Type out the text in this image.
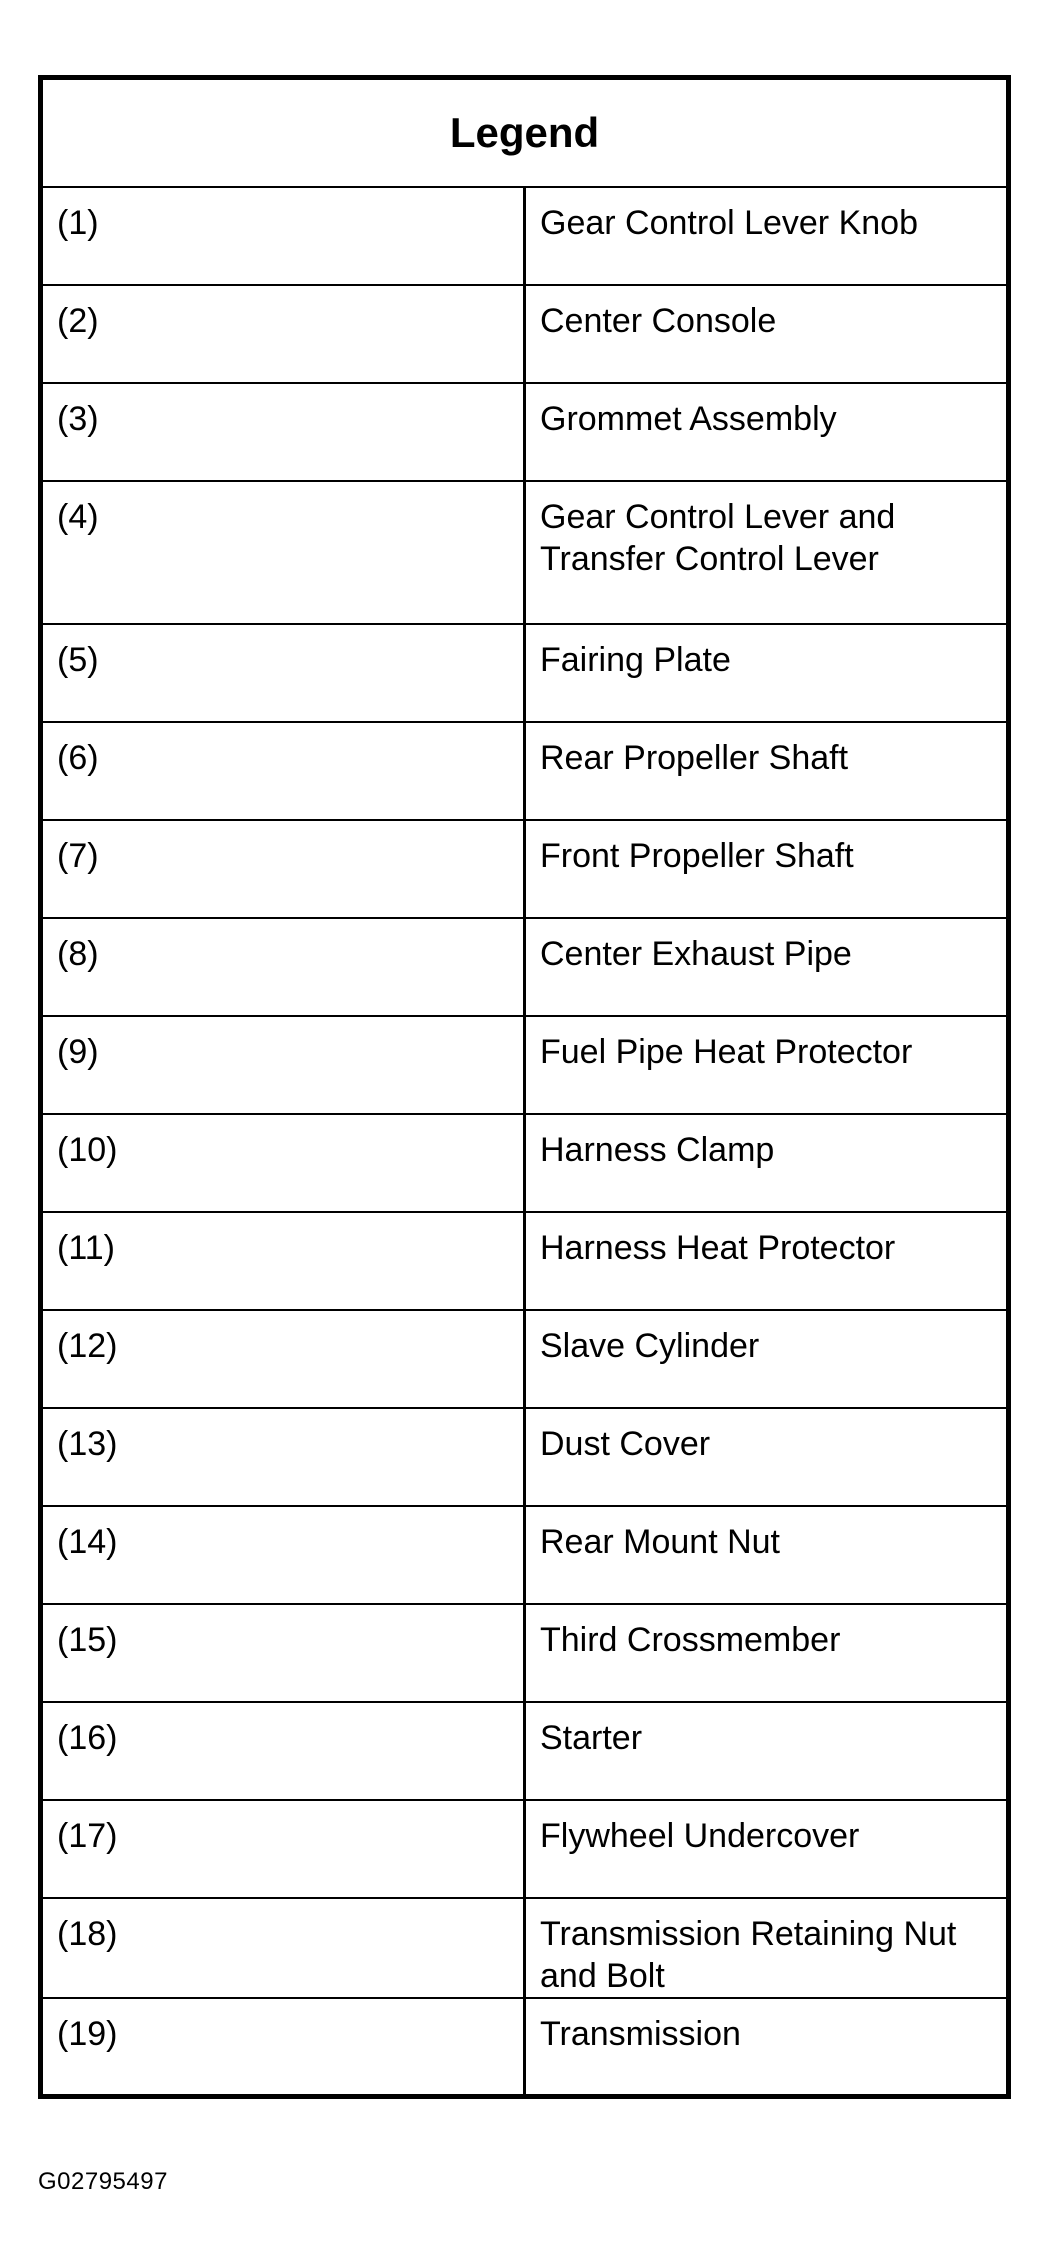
Legend	
(1)	Gear Control Lever Knob
(2)	Center Console
(3)	Grommet Assembly
(4)	Gear Control Lever and Transfer Control Lever
(5)	Fairing Plate
(6)	Rear Propeller Shaft
(7)	Front Propeller Shaft
(8)	Center Exhaust Pipe
(9)	Fuel Pipe Heat Protector
(10)	Harness Clamp
(11)	Harness Heat Protector
(12)	Slave Cylinder
(13)	Dust Cover
(14)	Rear Mount Nut
(15)	Third Crossmember
(16)	Starter
(17)	Flywheel Undercover
(18)	Transmission Retaining Nut and Bolt
(19)	Transmission
G02795497
